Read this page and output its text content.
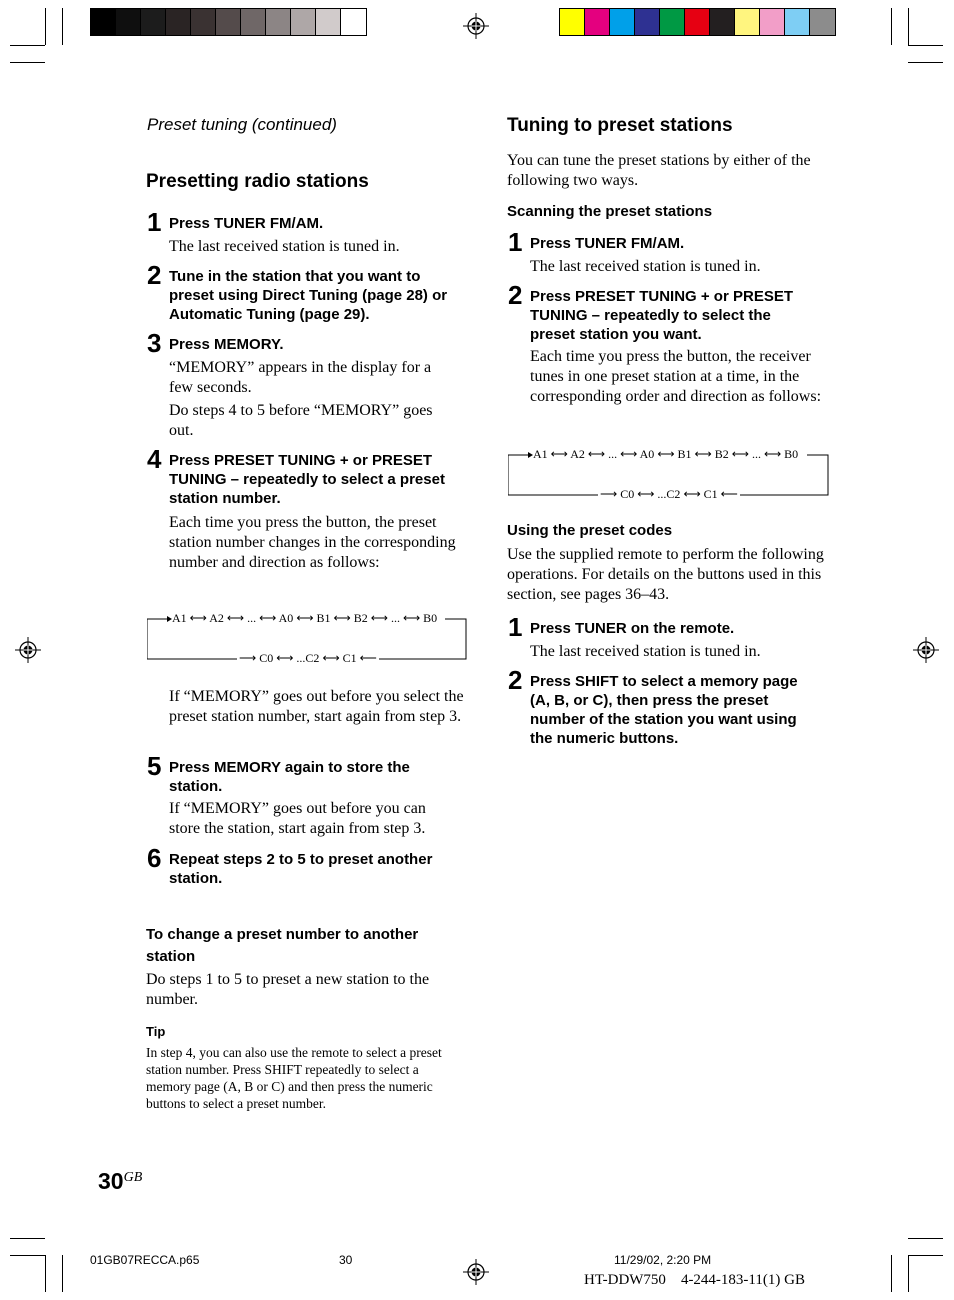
Preset tuning (continued)
Presetting radio stations
1 Press TUNER FM/AM.
The last received station is tuned in.
2 Tune in the station that you want to preset using Direct Tuning (page 28) or Automatic Tuning (page 29).
3 Press MEMORY.
“MEMORY” appears in the display for a few seconds.
Do steps 4 to 5 before “MEMORY” goes out.
4 Press PRESET TUNING + or PRESET TUNING – repeatedly to select a preset station number.
Each time you press the button, the preset station number changes in the corresponding number and direction as follows:
A1 ⟷ A2 ⟷ ... ⟷ A0 ⟷ B1 ⟷ B2 ⟷ ... ⟷ B0
⟶ C0 ⟷ ...C2 ⟷ C1 ⟵
If “MEMORY” goes out before you select the preset station number, start again from step 3.
5 Press MEMORY again to store the station.
If “MEMORY” goes out before you can store the station, start again from step 3.
6 Repeat steps 2 to 5 to preset another station.
To change a preset number to another station
Do steps 1 to 5 to preset a new station to the number.
Tip
In step 4, you can also use the remote to select a preset station number. Press SHIFT repeatedly to select a memory page (A, B or C) and then press the numeric buttons to select a preset number.
30GB
Tuning to preset stations
You can tune the preset stations by either of the following two ways.
Scanning the preset stations
1 Press TUNER FM/AM.
The last received station is tuned in.
2 Press PRESET TUNING + or PRESET TUNING – repeatedly to select the preset station you want.
Each time you press the button, the receiver tunes in one preset station at a time, in the corresponding order and direction as follows:
A1 ⟷ A2 ⟷ ... ⟷ A0 ⟷ B1 ⟷ B2 ⟷ ... ⟷ B0
⟶ C0 ⟷ ...C2 ⟷ C1 ⟵
Using the preset codes
Use the supplied remote to perform the following operations. For details on the buttons used in this section, see pages 36–43.
1 Press TUNER on the remote.
The last received station is tuned in.
2 Press SHIFT to select a memory page (A, B, or C), then press the preset number of the station you want using the numeric buttons.
01GB07RECCA.p65	30	11/29/02, 2:20 PM
HT-DDW750 4-244-183-11(1) GB
